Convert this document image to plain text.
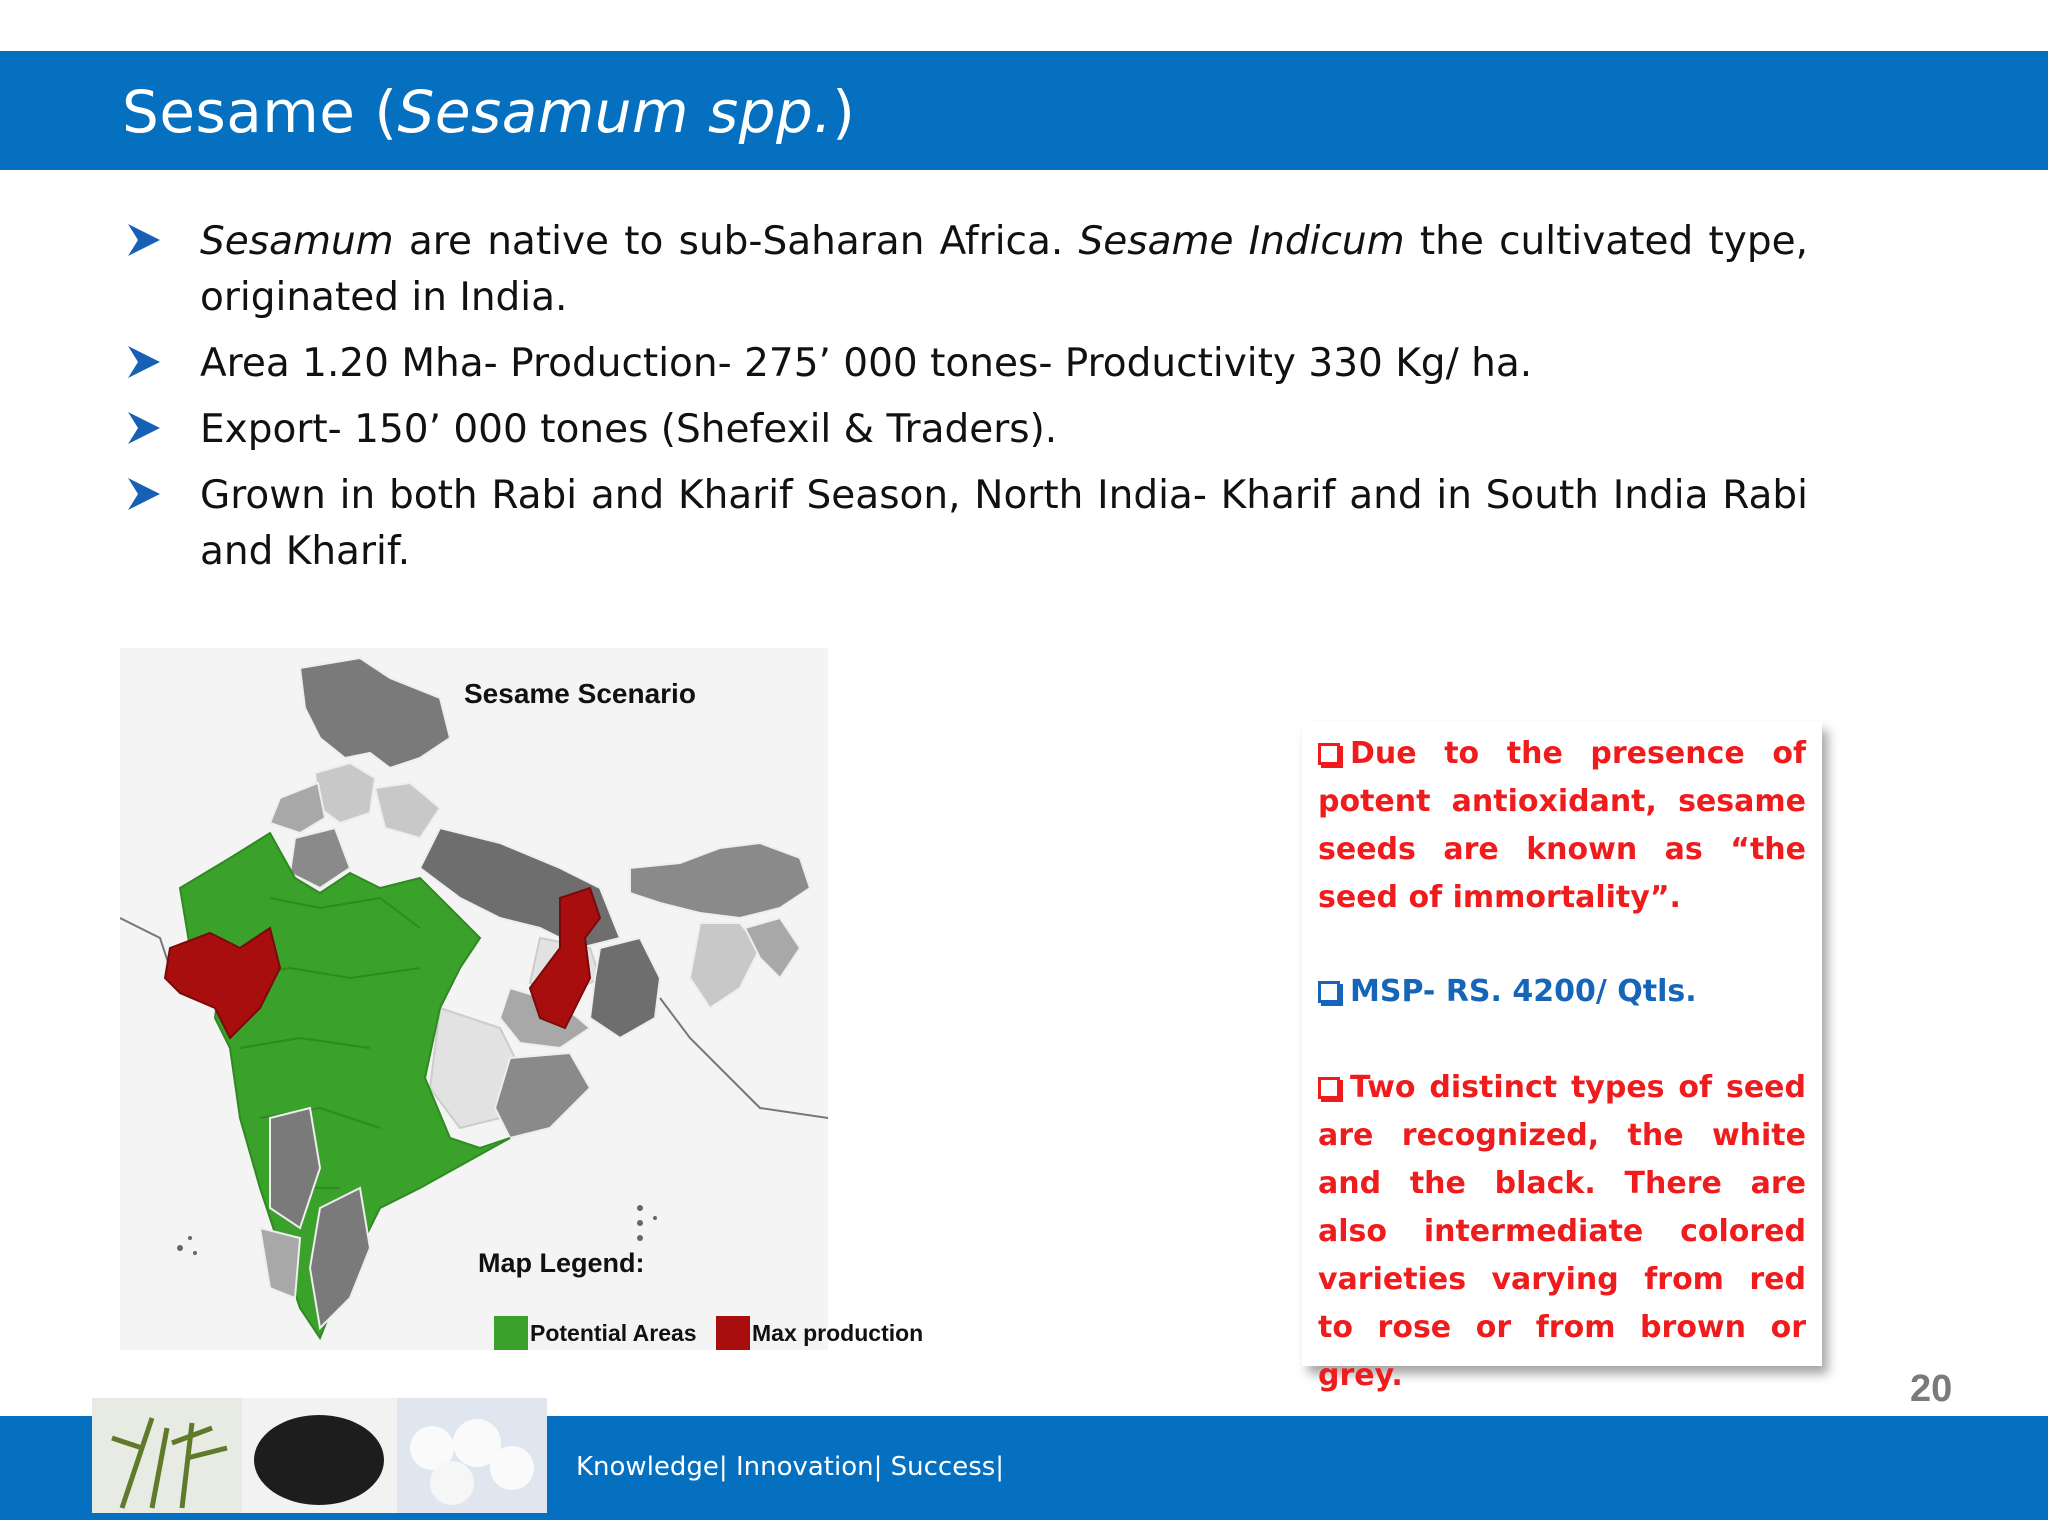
Sesame (Sesamum spp.)
Sesamum are native to sub-Saharan Africa. Sesame Indicum the cultivated type, originated in India.
Area 1.20 Mha- Production- 275’ 000 tones- Productivity 330 Kg/ ha.
Export- 150’ 000 tones (Shefexil & Traders).
Grown in both Rabi and Kharif Season, North India- Kharif and in South India Rabi and Kharif.
Sesame Scenario
Map Legend:
Potential Areas Max production
Due to the presence of potent antioxidant, sesame seeds are known as “the seed of immortality”.
MSP- RS. 4200/ Qtls.
Two distinct types of seed are recognized, the white and the black. There are also intermediate colored varieties varying from red to rose or from brown or grey.	20
Knowledge| Innovation| Success|
